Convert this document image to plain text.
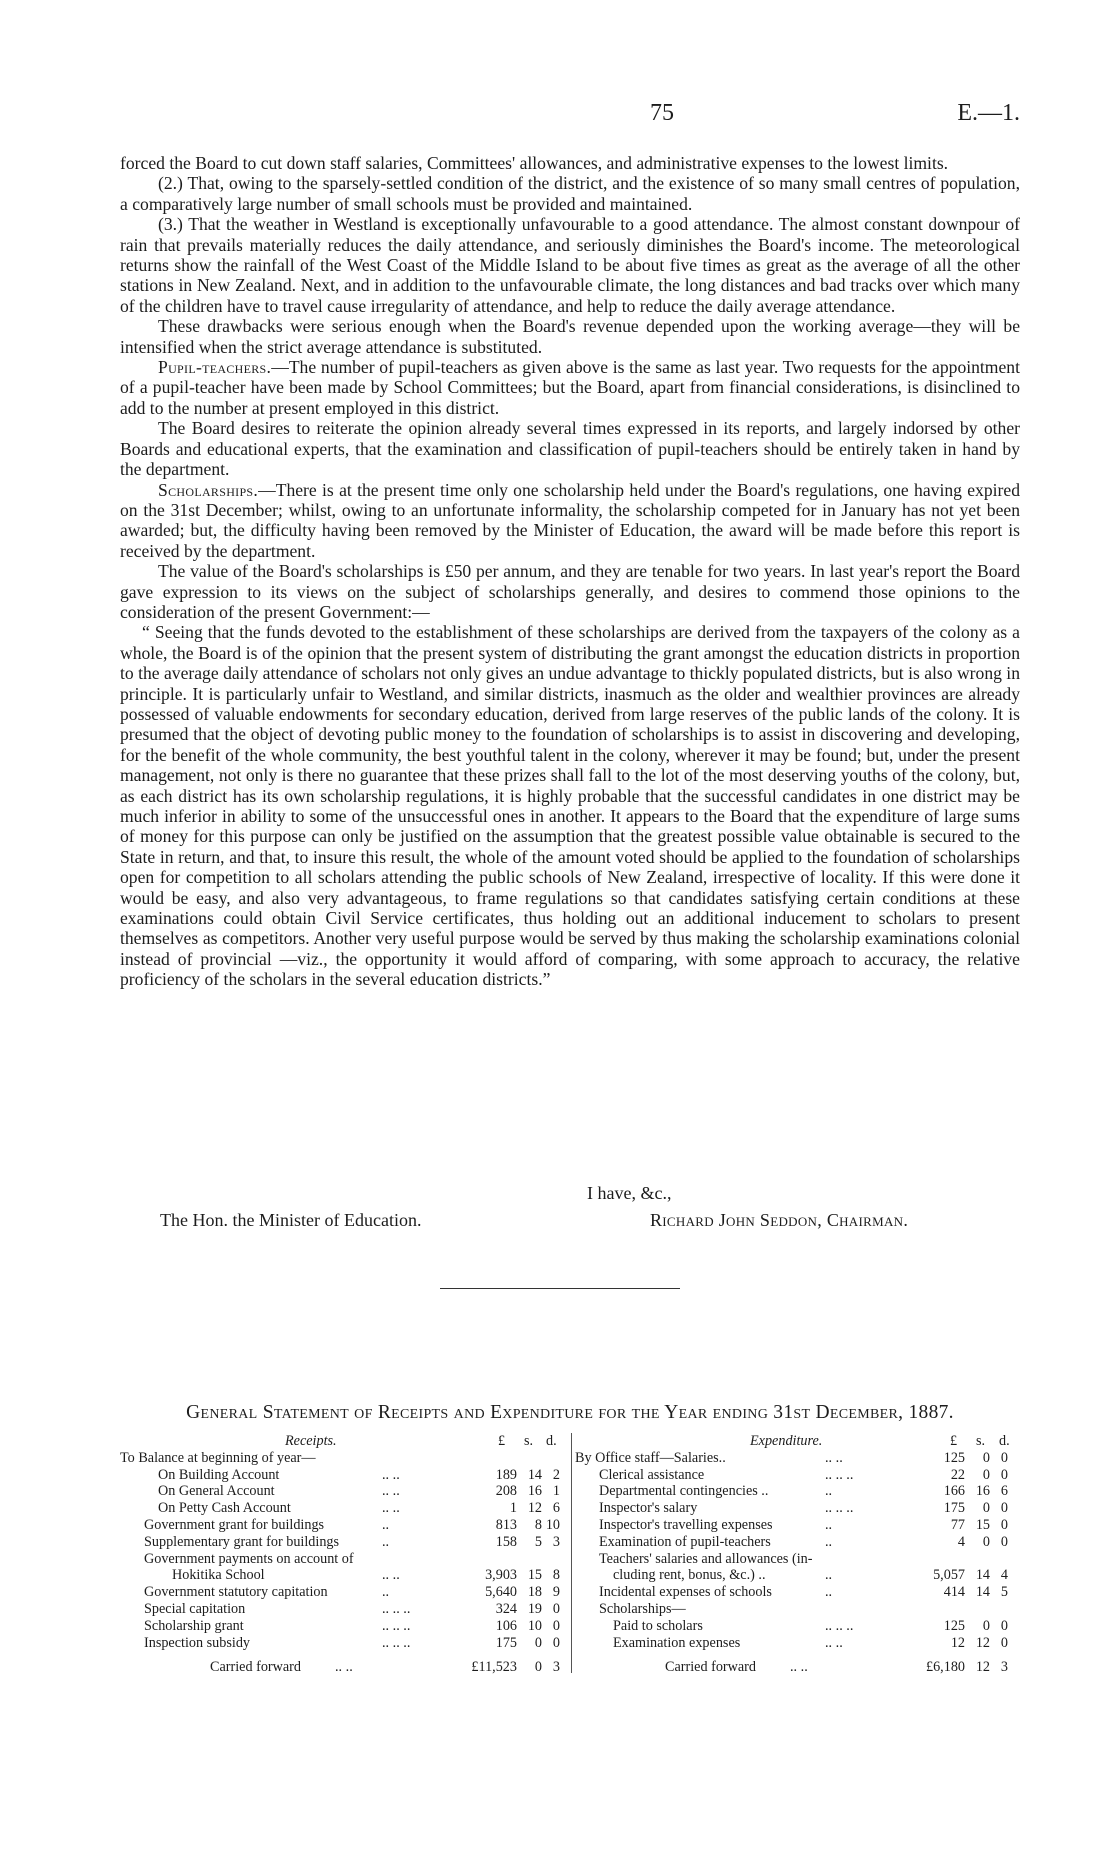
75	E.—1.

forced the Board to cut down staff salaries, Committees' allowances, and administrative expenses to the lowest limits.

(2.) That, owing to the sparsely-settled condition of the district, and the existence of so many small centres of population, a comparatively large number of small schools must be provided and maintained.

(3.) That the weather in Westland is exceptionally unfavourable to a good attendance. The almost constant downpour of rain that prevails materially reduces the daily attendance, and seriously diminishes the Board's income. The meteorological returns show the rainfall of the West Coast of the Middle Island to be about five times as great as the average of all the other stations in New Zealand. Next, and in addition to the unfavourable climate, the long distances and bad tracks over which many of the children have to travel cause irregularity of attendance, and help to reduce the daily average attendance.

These drawbacks were serious enough when the Board's revenue depended upon the working average—they will be intensified when the strict average attendance is substituted.

Pupil-teachers.—The number of pupil-teachers as given above is the same as last year. Two requests for the appointment of a pupil-teacher have been made by School Committees; but the Board, apart from financial considerations, is disinclined to add to the number at present employed in this district.

The Board desires to reiterate the opinion already several times expressed in its reports, and largely indorsed by other Boards and educational experts, that the examination and classification of pupil-teachers should be entirely taken in hand by the department.

Scholarships.—There is at the present time only one scholarship held under the Board's regulations, one having expired on the 31st December; whilst, owing to an unfortunate informality, the scholarship competed for in January has not yet been awarded; but, the difficulty having been removed by the Minister of Education, the award will be made before this report is received by the department.

The value of the Board's scholarships is £50 per annum, and they are tenable for two years. In last year's report the Board gave expression to its views on the subject of scholarships generally, and desires to commend those opinions to the consideration of the present Government:—

“ Seeing that the funds devoted to the establishment of these scholarships are derived from the taxpayers of the colony as a whole, the Board is of the opinion that the present system of distributing the grant amongst the education districts in proportion to the average daily attendance of scholars not only gives an undue advantage to thickly populated districts, but is also wrong in principle. It is particularly unfair to Westland, and similar districts, inasmuch as the older and wealthier provinces are already possessed of valuable endowments for secondary education, derived from large reserves of the public lands of the colony. It is presumed that the object of devoting public money to the foundation of scholarships is to assist in discovering and developing, for the benefit of the whole community, the best youthful talent in the colony, wherever it may be found; but, under the present management, not only is there no guarantee that these prizes shall fall to the lot of the most deserving youths of the colony, but, as each district has its own scholarship regulations, it is highly probable that the successful candidates in one district may be much inferior in ability to some of the unsuccessful ones in another. It appears to the Board that the expenditure of large sums of money for this purpose can only be justified on the assumption that the greatest possible value obtainable is secured to the State in return, and that, to insure this result, the whole of the amount voted should be applied to the foundation of scholarships open for competition to all scholars attending the public schools of New Zealand, irrespective of locality. If this were done it would be easy, and also very advantageous, to frame regulations so that candidates satisfying certain conditions at these examinations could obtain Civil Service certificates, thus holding out an additional inducement to scholars to present themselves as competitors. Another very useful purpose would be served by thus making the scholarship examinations colonial instead of provincial —viz., the opportunity it would afford of comparing, with some approach to accuracy, the relative proficiency of the scholars in the several education districts.”

I have, &c.,
The Hon. the Minister of Education.	Richard John Seddon, Chairman.
General Statement of Receipts and Expenditure for the Year ending 31st December, 1887.
Receipts.	£ s. d.
To Balance at beginning of year—
On Building Account	.. ..	189 14 2
On General Account	.. ..	208 16 1
On Petty Cash Account	.. ..	1 12 6
Government grant for buildings	..	813 8 10
Supplementary grant for buildings	..	158 5 3
Government payments on account of
Hokitika School	.. ..	3,903 15 8
Government statutory capitation	..	5,640 18 9
Special capitation	.. .. ..	324 19 0
Scholarship grant	.. .. ..	106 10 0
Inspection subsidy	.. .. ..	175 0 0
Carried forward .. ..	£11,523 0 3
Expenditure.	£ s. d.
By Office staff—Salaries..	.. ..	125 0 0
Clerical assistance	.. .. ..	22 0 0
Departmental contingencies ..	..	166 16 6
Inspector's salary	.. .. ..	175 0 0
Inspector's travelling expenses	..	77 15 0
Examination of pupil-teachers	..	4 0 0
Teachers' salaries and allowances (in-
cluding rent, bonus, &c.) ..	..	5,057 14 4
Incidental expenses of schools	..	414 14 5
Scholarships—
Paid to scholars	.. .. ..	125 0 0
Examination expenses	.. ..	12 12 0
Carried forward .. ..	£6,180 12 3
